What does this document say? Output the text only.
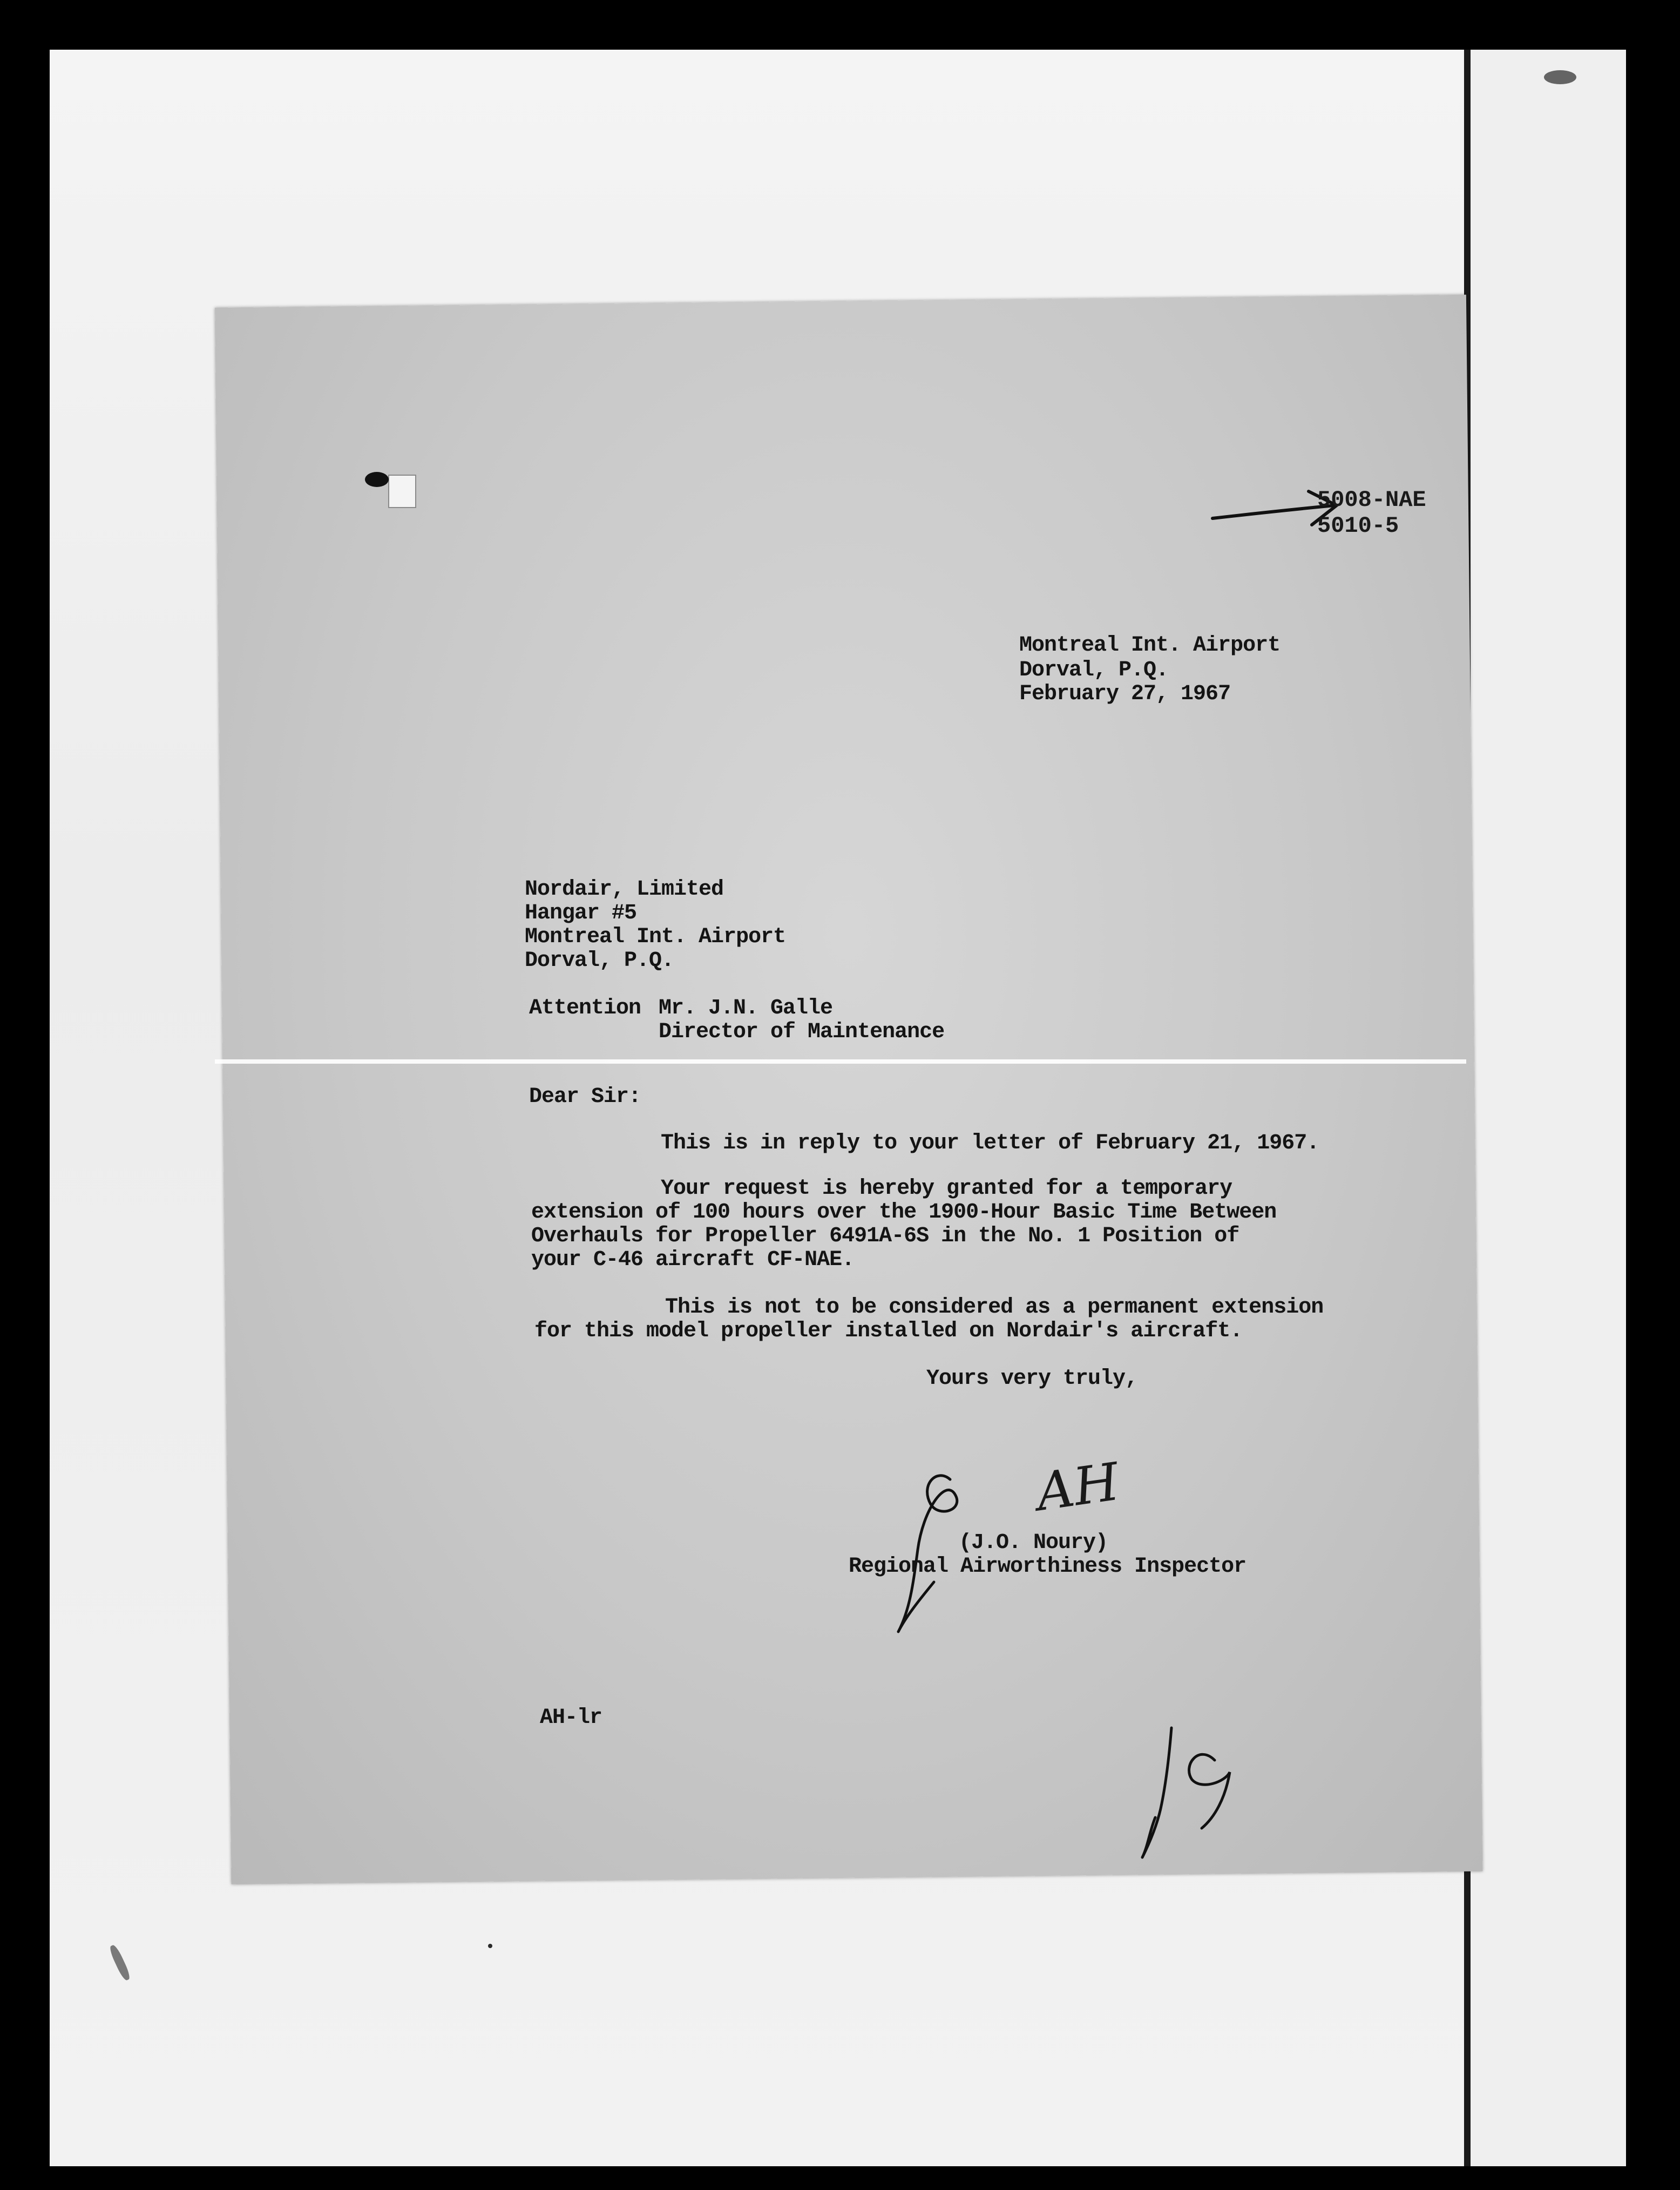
5008-NAE
5010-5
Montreal Int. Airport
Dorval, P.Q.
February 27, 1967
Nordair, Limited
Hangar #5
Montreal Int. Airport
Dorval, P.Q.
Attention Mr. J.N. Galle
Director of Maintenance
Dear Sir:
This is in reply to your letter of February 21, 1967.
Your request is hereby granted for a temporary
extension of 100 hours over the 1900-Hour Basic Time Between
Overhauls for Propeller 6491A-6S in the No. 1 Position of
your C-46 aircraft CF-NAE.
This is not to be considered as a permanent extension
for this model propeller installed on Nordair's aircraft.
Yours very truly,
AH
(J.O. Noury)
Regional Airworthiness Inspector
AH-lr
